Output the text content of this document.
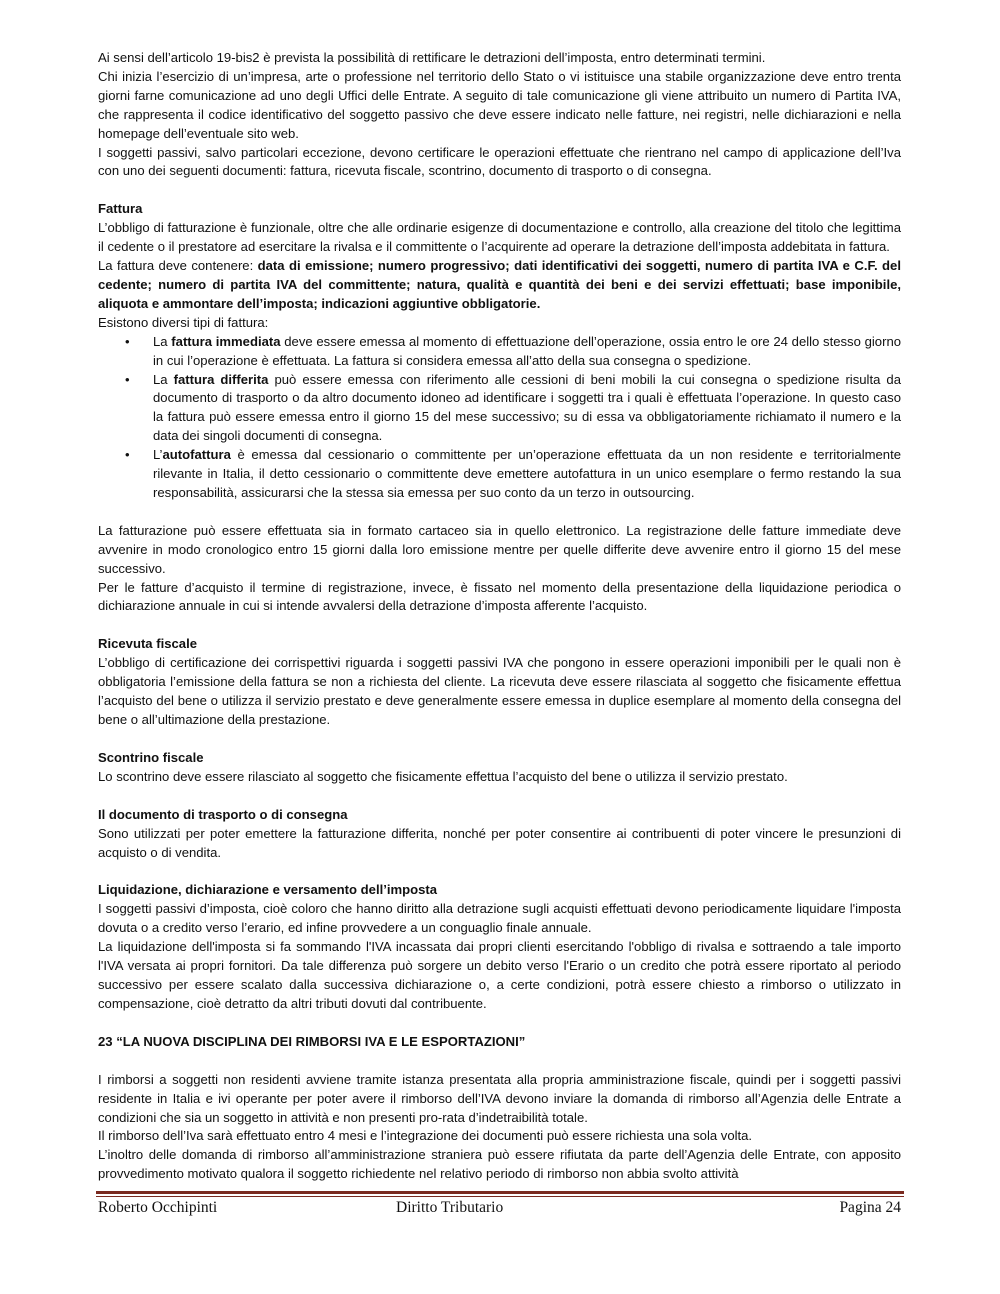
Ai sensi dell’articolo 19-bis2 è prevista la possibilità di rettificare le detrazioni dell’imposta, entro determinati termini.

Chi inizia l’esercizio di un’impresa, arte o professione nel territorio dello Stato o vi istituisce una stabile organizzazione deve entro trenta giorni farne comunicazione ad uno degli Uffici delle Entrate. A seguito di tale comunicazione gli viene attribuito un numero di Partita IVA, che rappresenta il codice identificativo del soggetto passivo che deve essere indicato nelle fatture, nei registri, nelle dichiarazioni e nella homepage dell’eventuale sito web.

I soggetti passivi, salvo particolari eccezione, devono certificare le operazioni effettuate che rientrano nel campo di applicazione dell’Iva con uno dei seguenti documenti: fattura, ricevuta fiscale, scontrino, documento di trasporto o di consegna.

Fattura

L’obbligo di fatturazione è funzionale, oltre che alle ordinarie esigenze di documentazione e controllo, alla creazione del titolo che legittima il cedente o il prestatore ad esercitare la rivalsa e il committente o l’acquirente ad operare la detrazione dell’imposta addebitata in fattura.

La fattura deve contenere: data di emissione; numero progressivo; dati identificativi dei soggetti, numero di partita IVA e C.F. del cedente; numero di partita IVA del committente; natura, qualità e quantità dei beni e dei servizi effettuati; base imponibile, aliquota e ammontare dell’imposta; indicazioni aggiuntive obbligatorie.

Esistono diversi tipi di fattura:

• La fattura immediata deve essere emessa al momento di effettuazione dell’operazione, ossia entro le ore 24 dello stesso giorno in cui l’operazione è effettuata. La fattura si considera emessa all’atto della sua consegna o spedizione.
• La fattura differita può essere emessa con riferimento alle cessioni di beni mobili la cui consegna o spedizione risulta da documento di trasporto o da altro documento idoneo ad identificare i soggetti tra i quali è effettuata l’operazione. In questo caso la fattura può essere emessa entro il giorno 15 del mese successivo; su di essa va obbligatoriamente richiamato il numero e la data dei singoli documenti di consegna.
• L’autofattura è emessa dal cessionario o committente per un’operazione effettuata da un non residente e territorialmente rilevante in Italia, il detto cessionario o committente deve emettere autofattura in un unico esemplare o fermo restando la sua responsabilità, assicurarsi che la stessa sia emessa per suo conto da un terzo in outsourcing.

La fatturazione può essere effettuata sia in formato cartaceo sia in quello elettronico. La registrazione delle fatture immediate deve avvenire in modo cronologico entro 15 giorni dalla loro emissione mentre per quelle differite deve avvenire entro il giorno 15 del mese successivo.

Per le fatture d’acquisto il termine di registrazione, invece, è fissato nel momento della presentazione della liquidazione periodica o dichiarazione annuale in cui si intende avvalersi della detrazione d’imposta afferente l’acquisto.

Ricevuta fiscale

L’obbligo di certificazione dei corrispettivi riguarda i soggetti passivi IVA che pongono in essere operazioni imponibili per le quali non è obbligatoria l’emissione della fattura se non a richiesta del cliente. La ricevuta deve essere rilasciata al soggetto che fisicamente effettua l’acquisto del bene o utilizza il servizio prestato e deve generalmente essere emessa in duplice esemplare al momento della consegna del bene o all’ultimazione della prestazione.

Scontrino fiscale

Lo scontrino deve essere rilasciato al soggetto che fisicamente effettua l’acquisto del bene o utilizza il servizio prestato.

Il documento di trasporto o di consegna

Sono utilizzati per poter emettere la fatturazione differita, nonché per poter consentire ai contribuenti di poter vincere le presunzioni di acquisto o di vendita.

Liquidazione, dichiarazione e versamento dell’imposta

I soggetti passivi d’imposta, cioè coloro che hanno diritto alla detrazione sugli acquisti effettuati devono periodicamente liquidare l'imposta dovuta o a credito verso l’erario, ed infine provvedere a un conguaglio finale annuale.

La liquidazione dell'imposta si fa sommando l'IVA incassata dai propri clienti esercitando l'obbligo di rivalsa e sottraendo a tale importo l'IVA versata ai propri fornitori. Da tale differenza può sorgere un debito verso l'Erario o un credito che potrà essere riportato al periodo successivo per essere scalato dalla successiva dichiarazione o, a certe condizioni, potrà essere chiesto a rimborso o utilizzato in compensazione, cioè detratto da altri tributi dovuti dal contribuente.

23 “LA NUOVA DISCIPLINA DEI RIMBORSI IVA E LE ESPORTAZIONI”

I rimborsi a soggetti non residenti avviene tramite istanza presentata alla propria amministrazione fiscale, quindi per i soggetti passivi residente in Italia e ivi operante per poter avere il rimborso dell’IVA devono inviare la domanda di rimborso all’Agenzia delle Entrate a condizioni che sia un soggetto in attività e non presenti pro-rata d’indetraibilità totale.

Il rimborso dell’Iva sarà effettuato entro 4 mesi e l’integrazione dei documenti può essere richiesta una sola volta.

L’inoltro delle domanda di rimborso all’amministrazione straniera può essere rifiutata da parte dell’Agenzia delle Entrate, con apposito provvedimento motivato qualora il soggetto richiedente nel relativo periodo di rimborso non abbia svolto attività

Roberto Occhipinti	Diritto Tributario	Pagina 24
